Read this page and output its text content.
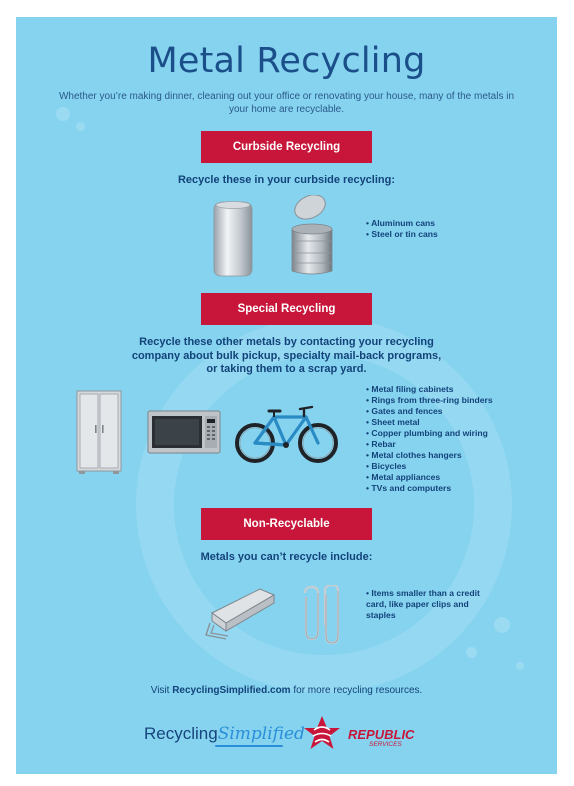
Metal Recycling
Whether you’re making dinner, cleaning out your office or renovating your house, many of the metals in your home are recyclable.
Curbside Recycling
Recycle these in your curbside recycling:
• Aluminum cans
• Steel or tin cans
Special Recycling
Recycle these other metals by contacting your recycling company about bulk pickup, specialty mail-back programs, or taking them to a scrap yard.
• Metal filing cabinets
• Rings from three-ring binders
• Gates and fences
• Sheet metal
• Copper plumbing and wiring
• Rebar
• Metal clothes hangers
• Bicycles
• Metal appliances
• TVs and computers
Non-Recyclable
Metals you can’t recycle include:
• Items smaller than a credit card, like paper clips and staples
Visit RecyclingSimplified.com for more recycling resources.
RecyclingSimplified	REPUBLIC
SERVICES
